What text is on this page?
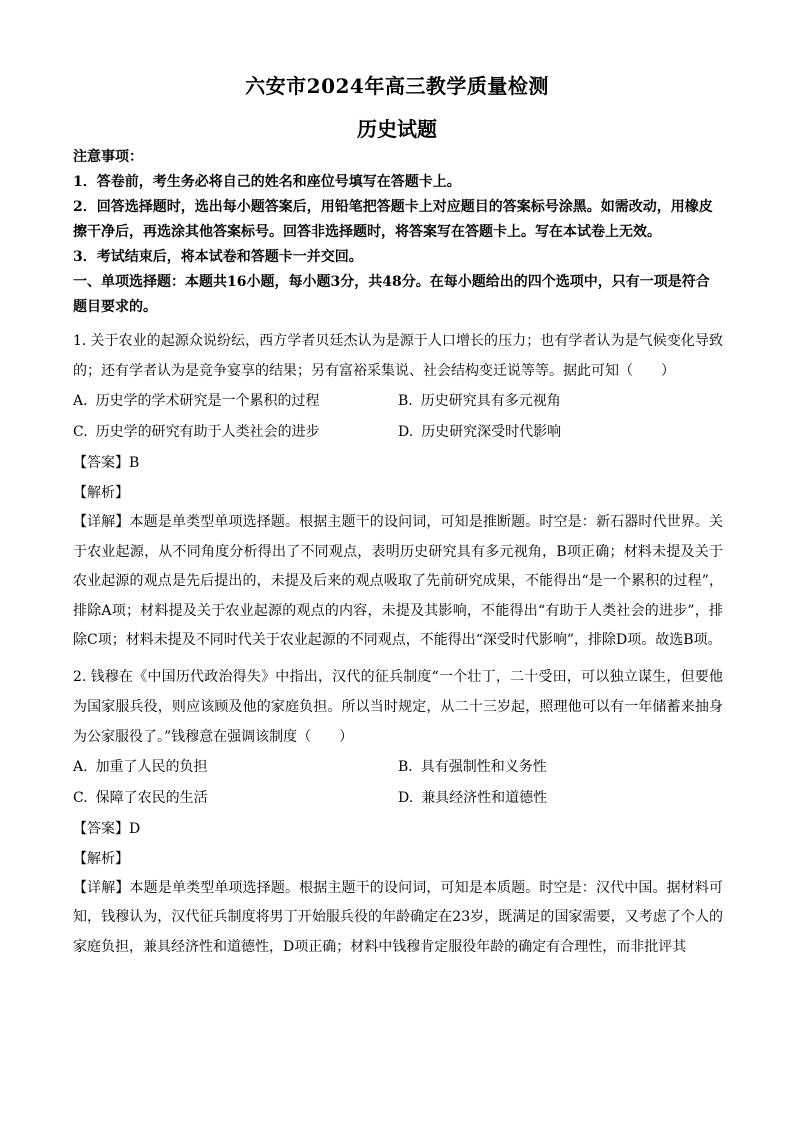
六安市2024年高三教学质量检测
历史试题
注意事项：
1．答卷前，考生务必将自己的姓名和座位号填写在答题卡上。
2．回答选择题时，选出每小题答案后，用铅笔把答题卡上对应题目的答案标号涂黑。如需改动，用橡皮擦干净后，再选涂其他答案标号。回答非选择题时，将答案写在答题卡上。写在本试卷上无效。
3．考试结束后，将本试卷和答题卡一并交回。
一、单项选择题：本题共16小题，每小题3分，共48分。在每小题给出的四个选项中，只有一项是符合题目要求的。
1. 关于农业的起源众说纷纭，西方学者贝廷杰认为是源于人口增长的压力；也有学者认为是气候变化导致的；还有学者认为是竞争宴享的结果；另有富裕采集说、社会结构变迁说等等。据此可知（　　）
A. 历史学的学术研究是一个累积的过程	B. 历史研究具有多元视角
C. 历史学的研究有助于人类社会的进步	D. 历史研究深受时代影响
【答案】B
【解析】
【详解】本题是单类型单项选择题。根据主题干的设问词，可知是推断题。时空是：新石器时代世界。关于农业起源，从不同角度分析得出了不同观点，表明历史研究具有多元视角，B项正确；材料未提及关于农业起源的观点是先后提出的，未提及后来的观点吸取了先前研究成果，不能得出“是一个累积的过程”，排除A项；材料提及关于农业起源的观点的内容，未提及其影响，不能得出“有助于人类社会的进步”，排除C项；材料未提及不同时代关于农业起源的不同观点，不能得出“深受时代影响”，排除D项。故选B项。
2. 钱穆在《中国历代政治得失》中指出，汉代的征兵制度“一个壮丁，二十受田，可以独立谋生，但要他为国家服兵役，则应该顾及他的家庭负担。所以当时规定，从二十三岁起，照理他可以有一年储蓄来抽身为公家服役了。”钱穆意在强调该制度（　　）
A. 加重了人民的负担	B. 具有强制性和义务性
C. 保障了农民的生活	D. 兼具经济性和道德性
【答案】D
【解析】
【详解】本题是单类型单项选择题。根据主题干的设问词，可知是本质题。时空是：汉代中国。据材料可知，钱穆认为，汉代征兵制度将男丁开始服兵役的年龄确定在23岁，既满足的国家需要，又考虑了个人的家庭负担，兼具经济性和道德性，D项正确；材料中钱穆肯定服役年龄的确定有合理性，而非批评其
